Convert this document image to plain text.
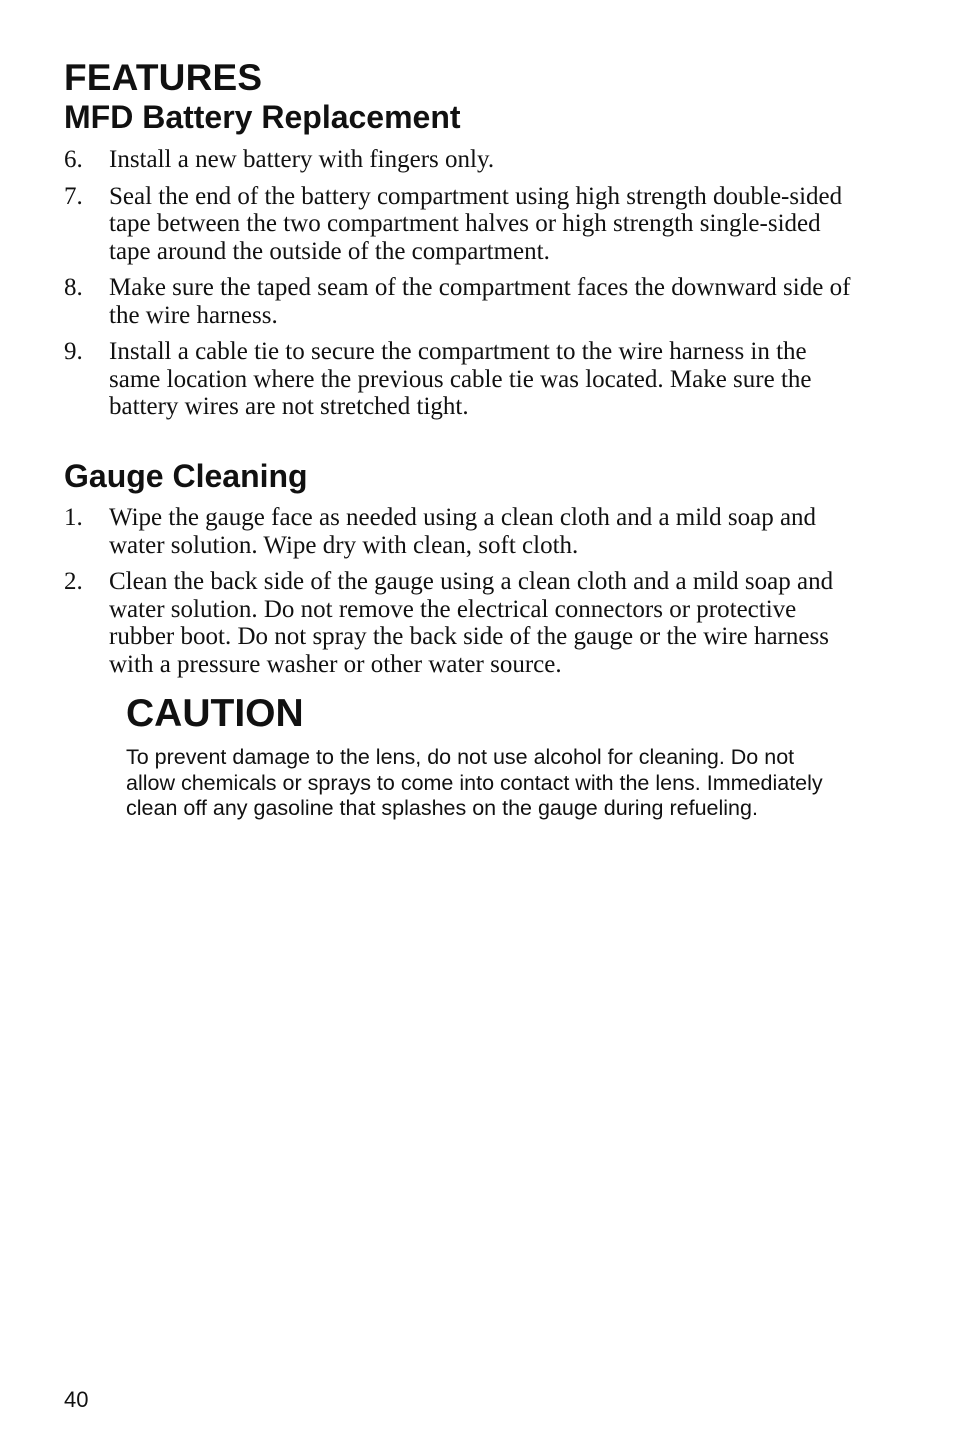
FEATURES
MFD Battery Replacement
6. Install a new battery with fingers only.
7. Seal the end of the battery compartment using high strength double-sided tape between the two compartment halves or high strength single-sided tape around the outside of the compartment.
8. Make sure the taped seam of the compartment faces the downward side of the wire harness.
9. Install a cable tie to secure the compartment to the wire harness in the same location where the previous cable tie was located. Make sure the battery wires are not stretched tight.
Gauge Cleaning
1. Wipe the gauge face as needed using a clean cloth and a mild soap and water solution. Wipe dry with clean, soft cloth.
2. Clean the back side of the gauge using a clean cloth and a mild soap and water solution. Do not remove the electrical connectors or protective rubber boot. Do not spray the back side of the gauge or the wire harness with a pressure washer or other water source.
CAUTION

To prevent damage to the lens, do not use alcohol for cleaning. Do not allow chemicals or sprays to come into contact with the lens. Immediately clean off any gasoline that splashes on the gauge during refueling.

40
